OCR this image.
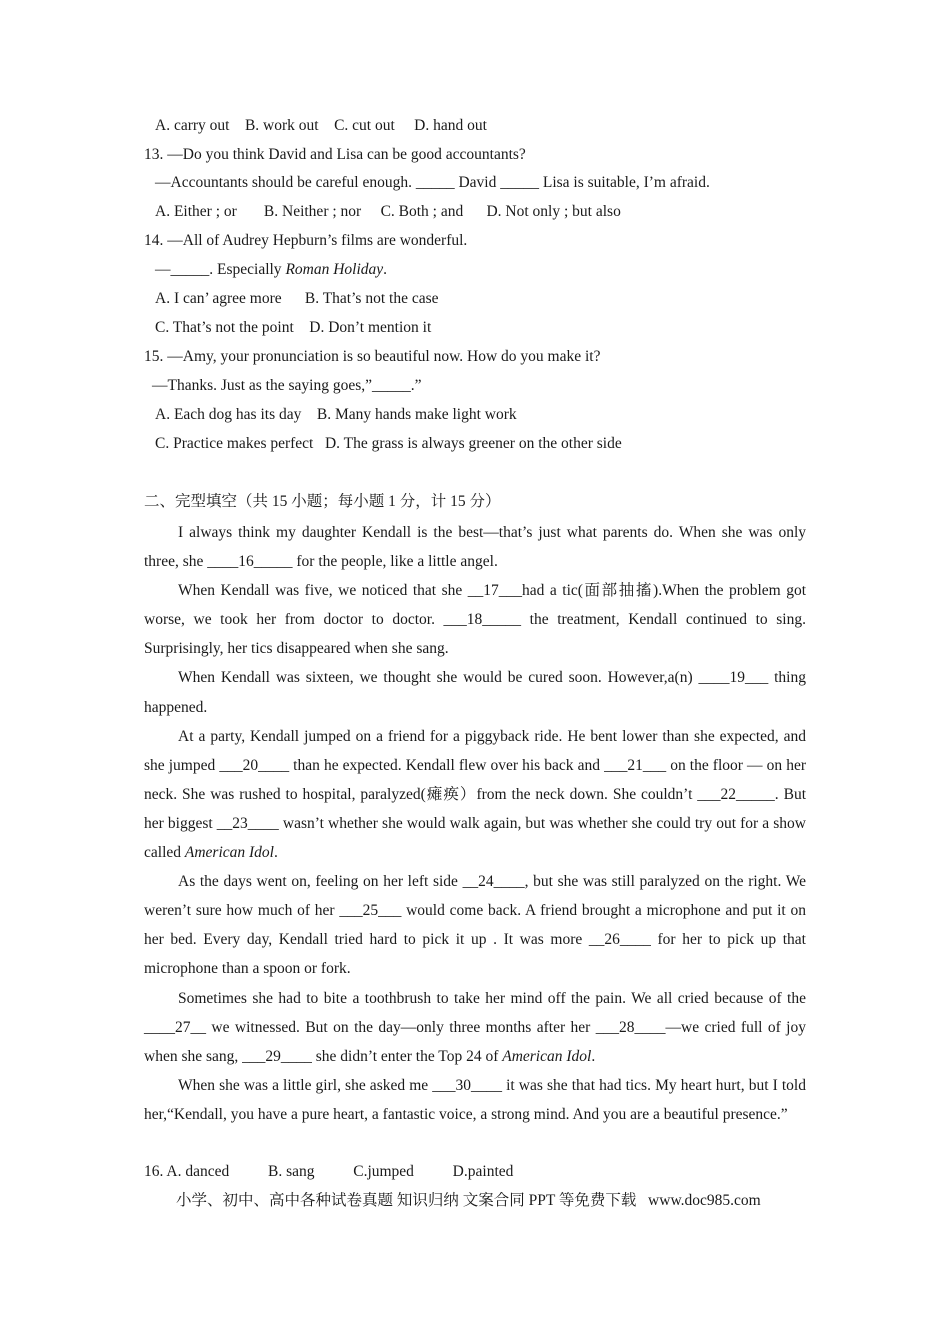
A. carry out    B. work out    C. cut out     D. hand out
13. —Do you think David and Lisa can be good accountants?
—Accountants should be careful enough. _____ David _____ Lisa is suitable, I’m afraid.
A. Either ; or       B. Neither ; nor     C. Both ; and      D. Not only ; but also
14. —All of Audrey Hepburn’s films are wonderful.
—_____. Especially Roman Holiday.
A. I can’ agree more      B. That’s not the case
C. That’s not the point    D. Don’t mention it
15. —Amy, your pronunciation is so beautiful now. How do you make it?
—Thanks. Just as the saying goes,”_____.”
A. Each dog has its day    B. Many hands make light work
C. Practice makes perfect   D. The grass is always greener on the other side
二、完型填空（共 15 小题；每小题 1 分，计 15 分）

I always think my daughter Kendall is the best—that’s just what parents do. When she was only three, she ____16_____ for the people, like a little angel.

When Kendall was five, we noticed that she __17___had a tic(面部抽搐).When the problem got worse, we took her from doctor to doctor. ___18_____ the treatment, Kendall continued to sing. Surprisingly, her tics disappeared when she sang.

When Kendall was sixteen, we thought she would be cured soon. However,a(n) ____19___ thing happened.

At a party, Kendall jumped on a friend for a piggyback ride. He bent lower than she expected, and she jumped ___20____ than he expected. Kendall flew over his back and ___21___ on the floor — on her neck. She was rushed to hospital, paralyzed(瘫痪）from the neck down. She couldn’t ___22_____. But her biggest __23____ wasn’t whether she would walk again, but was whether she could try out for a show called American Idol.

As the days went on, feeling on her left side __24____, but she was still paralyzed on the right. We weren’t sure how much of her ___25___ would come back. A friend brought a microphone and put it on her bed. Every day, Kendall tried hard to pick it up . It was more __26____ for her to pick up that microphone than a spoon or fork.

Sometimes she had to bite a toothbrush to take her mind off the pain. We all cried because of the ____27__ we witnessed. But on the day—only three months after her ___28____—we cried full of joy when she sang, ___29____ she didn’t enter the Top 24 of American Idol.

When she was a little girl, she asked me ___30____ it was she that had tics. My heart hurt, but I told her,“Kendall, you have a pure heart, a fantastic voice, a strong mind. And you are a beautiful presence.”

16. A. danced          B. sang          C.jumped          D.painted
小学、初中、高中各种试卷真题 知识归纳 文案合同 PPT 等免费下载   www.doc985.com
